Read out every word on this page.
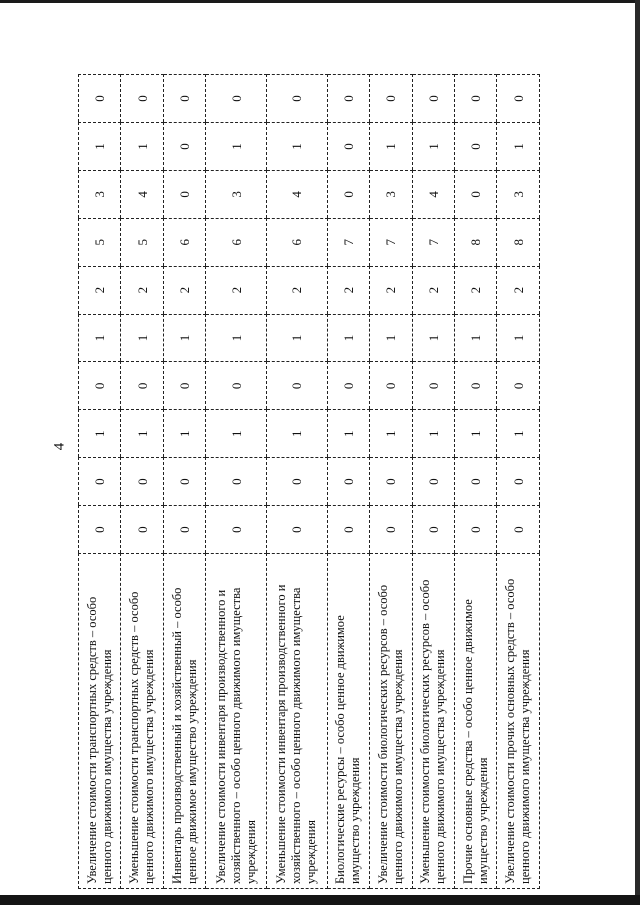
4
Увеличение стоимости транспортных средств – особо ценного движимого имущества учреждения	0	0	1	0	1	2	5	3	1	0
Уменьшение стоимости транспортных средств – особо ценного движимого имущества учреждения	0	0	1	0	1	2	5	4	1	0
Инвентарь производственный и хозяйственный – особо ценное движимое имущество учреждения	0	0	1	0	1	2	6	0	0	0
Увеличение стоимости инвентаря производственного и хозяйственного – особо ценного движимого имущества учреждения	0	0	1	0	1	2	6	3	1	0
Уменьшение стоимости инвентаря производственного и хозяйственного – особо ценного движимого имущества учреждения	0	0	1	0	1	2	6	4	1	0
Биологические ресурсы – особо ценное движимое имущество учреждения	0	0	1	0	1	2	7	0	0	0
Увеличение стоимости биологических ресурсов – особо ценного движимого имущества учреждения	0	0	1	0	1	2	7	3	1	0
Уменьшение стоимости биологических ресурсов – особо ценного движимого имущества учреждения	0	0	1	0	1	2	7	4	1	0
Прочие основные средства – особо ценное движимое имущество учреждения	0	0	1	0	1	2	8	0	0	0
Увеличение стоимости прочих основных средств – особо ценного движимого имущества учреждения	0	0	1	0	1	2	8	3	1	0
